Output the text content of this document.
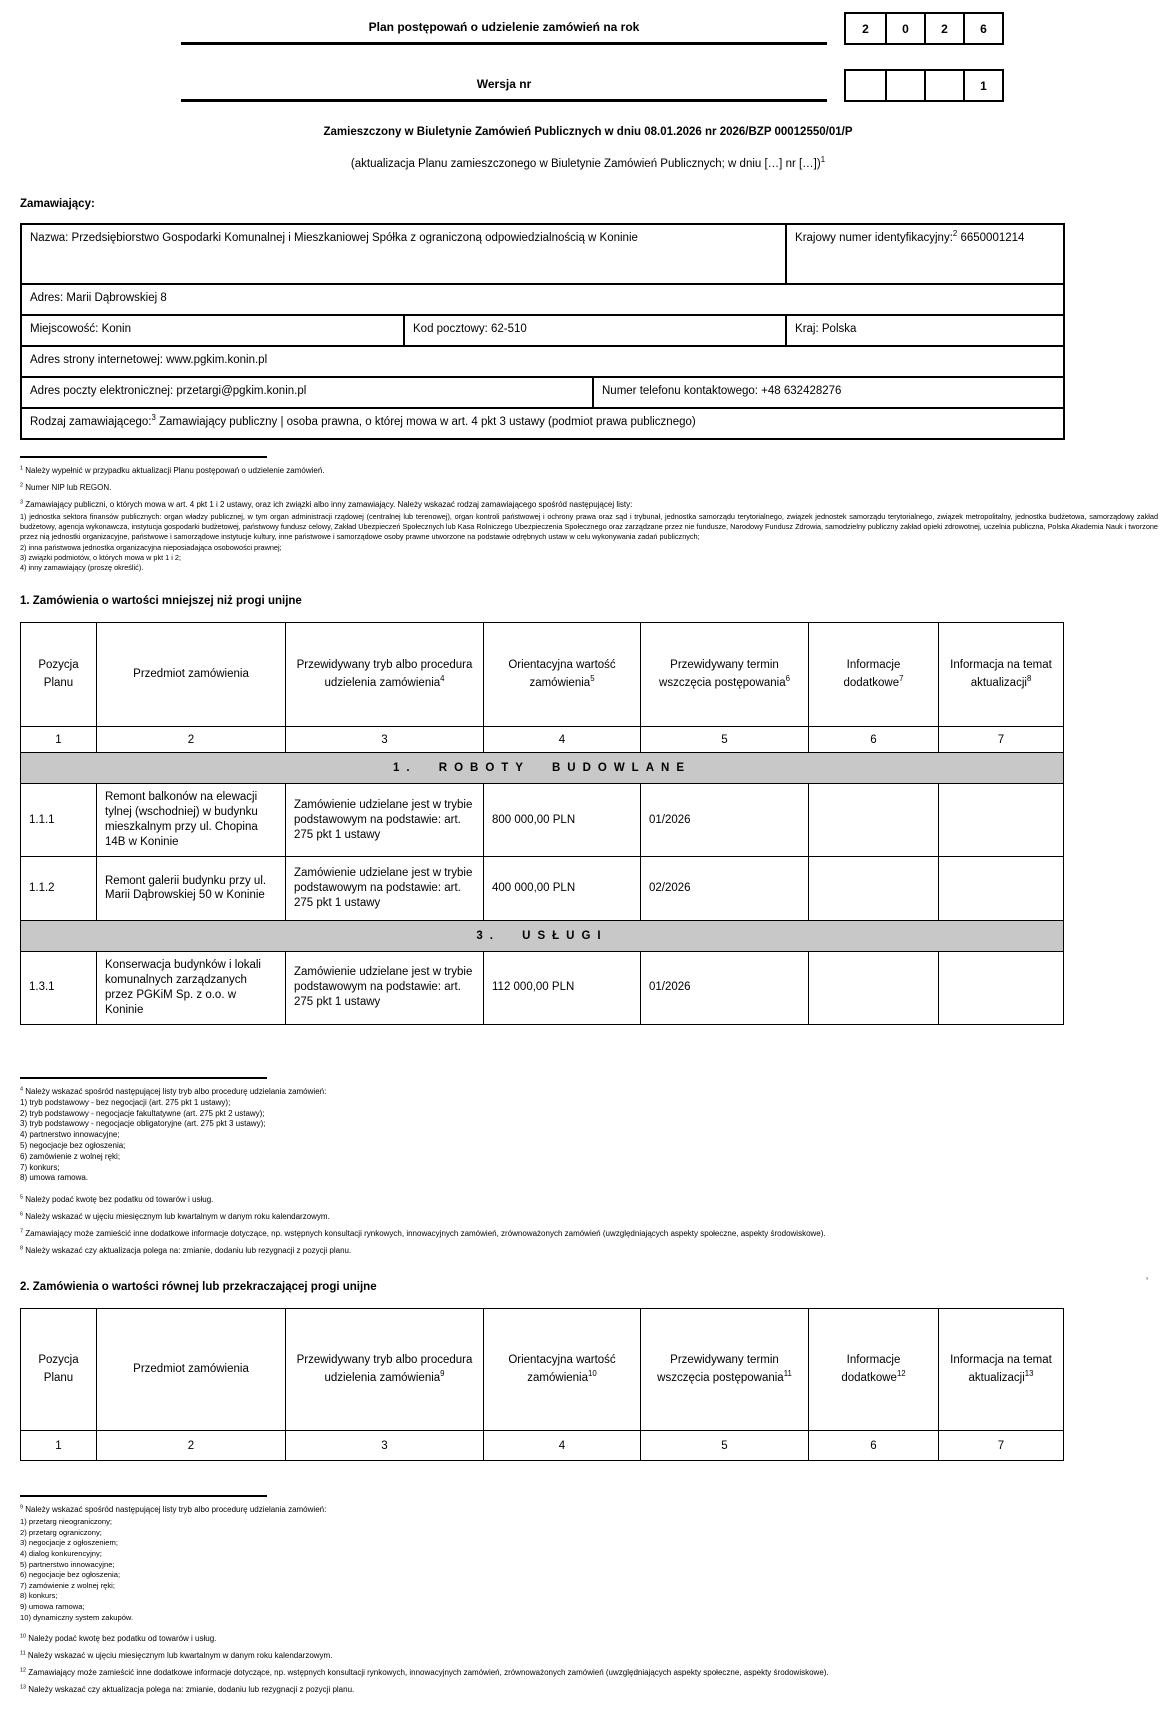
Plan postępowań o udzielenie zamówień na rok	2	0	2	6
Wersja nr	1
Zamieszczony w Biuletynie Zamówień Publicznych w dniu 08.01.2026 nr 2026/BZP 00012550/01/P
(aktualizacja Planu zamieszczonego w Biuletynie Zamówień Publicznych; w dniu […] nr […])$^1$
Zamawiający:
Nazwa: Przedsiębiorstwo Gospodarki Komunalnej i Mieszkaniowej Spółka z ograniczoną odpowiedzialnością w Koninie			Krajowy numer identyfikacyjny:$^2$ 6650001214
Adres: Marii Dąbrowskiej 8			
Miejscowość: Konin	Kod pocztowy: 62-510		Kraj: Polska
Adres strony internetowej: www.pgkim.konin.pl			
Adres poczty elektronicznej: przetargi@pgkim.konin.pl		Numer telefonu kontaktowego: +48 632428276	
Rodzaj zamawiającego:$^3$ Zamawiający publiczny | osoba prawna, o której mowa w art. 4 pkt 3 ustawy (podmiot prawa publicznego)			
$^1$ Należy wypełnić w przypadku aktualizacji Planu postępowań o udzielenie zamówień.
$^2$ Numer NIP lub REGON.
$^3$ Zamawiający publiczni, o których mowa w art. 4 pkt 1 i 2 ustawy, oraz ich związki albo inny zamawiający. Należy wskazać rodzaj zamawiającego spośród następującej listy:
1) jednostka sektora finansów publicznych: organ władzy publicznej, w tym organ administracji rządowej (centralnej lub terenowej), organ kontroli państwowej i ochrony prawa oraz sąd i trybunał, jednostka samorządu terytorialnego, związek jednostek samorządu terytorialnego, związek metropolitalny, jednostka budżetowa, samorządowy zakład budżetowy, agencja wykonawcza, instytucja gospodarki budżetowej, państwowy fundusz celowy, Zakład Ubezpieczeń Społecznych lub Kasa Rolniczego Ubezpieczenia Społecznego oraz zarządzane przez nie fundusze, Narodowy Fundusz Zdrowia, samodzielny publiczny zakład opieki zdrowotnej, uczelnia publiczna, Polska Akademia Nauk i tworzone przez nią jednostki organizacyjne, państwowe i samorządowe instytucje kultury, inne państwowe i samorządowe osoby prawne utworzone na podstawie odrębnych ustaw w celu wykonywania zadań publicznych;
2) inna państwowa jednostka organizacyjna nieposiadająca osobowości prawnej;
3) związki podmiotów, o których mowa w pkt 1 i 2;
4) inny zamawiający (proszę określić).
1. Zamówienia o wartości mniejszej niż progi unijne
Pozycja Planu	Przedmiot zamówienia	Przewidywany tryb albo procedura udzielenia zamówienia$^4$	Orientacyjna wartość zamówienia$^5$	Przewidywany termin wszczęcia postępowania$^6$	Informacje dodatkowe$^7$	Informacja na temat aktualizacji$^8$
1	2	3	4	5	6	7
1. ROBOTY BUDOWLANE						
1.1.1	Remont balkonów na elewacji tylnej (wschodniej) w budynku mieszkalnym przy ul. Chopina 14B w Koninie	Zamówienie udzielane jest w trybie podstawowym na podstawie: art. 275 pkt 1 ustawy	800 000,00 PLN	01/2026		
1.1.2	Remont galerii budynku przy ul. Marii Dąbrowskiej 50 w Koninie	Zamówienie udzielane jest w trybie podstawowym na podstawie: art. 275 pkt 1 ustawy	400 000,00 PLN	02/2026		
3. USŁUGI						
1.3.1	Konserwacja budynków i lokali komunalnych zarządzanych przez PGKiM Sp. z o.o. w Koninie	Zamówienie udzielane jest w trybie podstawowym na podstawie: art. 275 pkt 1 ustawy	112 000,00 PLN	01/2026		
$^4$ Należy wskazać spośród następującej listy tryb albo procedurę udzielania zamówień:
1) tryb podstawowy - bez negocjacji (art. 275 pkt 1 ustawy);
2) tryb podstawowy - negocjacje fakultatywne (art. 275 pkt 2 ustawy);
3) tryb podstawowy - negocjacje obligatoryjne (art. 275 pkt 3 ustawy);
4) partnerstwo innowacyjne;
5) negocjacje bez ogłoszenia;
6) zamówienie z wolnej ręki;
7) konkurs;
8) umowa ramowa.
$^5$ Należy podać kwotę bez podatku od towarów i usług.
$^6$ Należy wskazać w ujęciu miesięcznym lub kwartalnym w danym roku kalendarzowym.
$^7$ Zamawiający może zamieścić inne dodatkowe informacje dotyczące, np. wstępnych konsultacji rynkowych, innowacyjnych zamówień, zrównoważonych zamówień (uwzględniających aspekty społeczne, aspekty środowiskowe).
$^8$ Należy wskazać czy aktualizacja polega na: zmianie, dodaniu lub rezygnacji z pozycji planu.
’
2. Zamówienia o wartości równej lub przekraczającej progi unijne
Pozycja Planu	Przedmiot zamówienia	Przewidywany tryb albo procedura udzielenia zamówienia$^9$	Orientacyjna wartość zamówienia$^{10}$	Przewidywany termin wszczęcia postępowania$^{11}$	Informacje dodatkowe$^{12}$	Informacja na temat aktualizacji$^{13}$
1	2	3	4	5	6	7
$^9$ Należy wskazać spośród następującej listy tryb albo procedurę udzielania zamówień:
1) przetarg nieograniczony;
2) przetarg ograniczony;
3) negocjacje z ogłoszeniem;
4) dialog konkurencyjny;
5) partnerstwo innowacyjne;
6) negocjacje bez ogłoszenia;
7) zamówienie z wolnej ręki;
8) konkurs;
9) umowa ramowa;
10) dynamiczny system zakupów.
$^{10}$ Należy podać kwotę bez podatku od towarów i usług.
$^{11}$ Należy wskazać w ujęciu miesięcznym lub kwartalnym w danym roku kalendarzowym.
$^{12}$ Zamawiający może zamieścić inne dodatkowe informacje dotyczące, np. wstępnych konsultacji rynkowych, innowacyjnych zamówień, zrównoważonych zamówień (uwzględniających aspekty społeczne, aspekty środowiskowe).
$^{13}$ Należy wskazać czy aktualizacja polega na: zmianie, dodaniu lub rezygnacji z pozycji planu.
